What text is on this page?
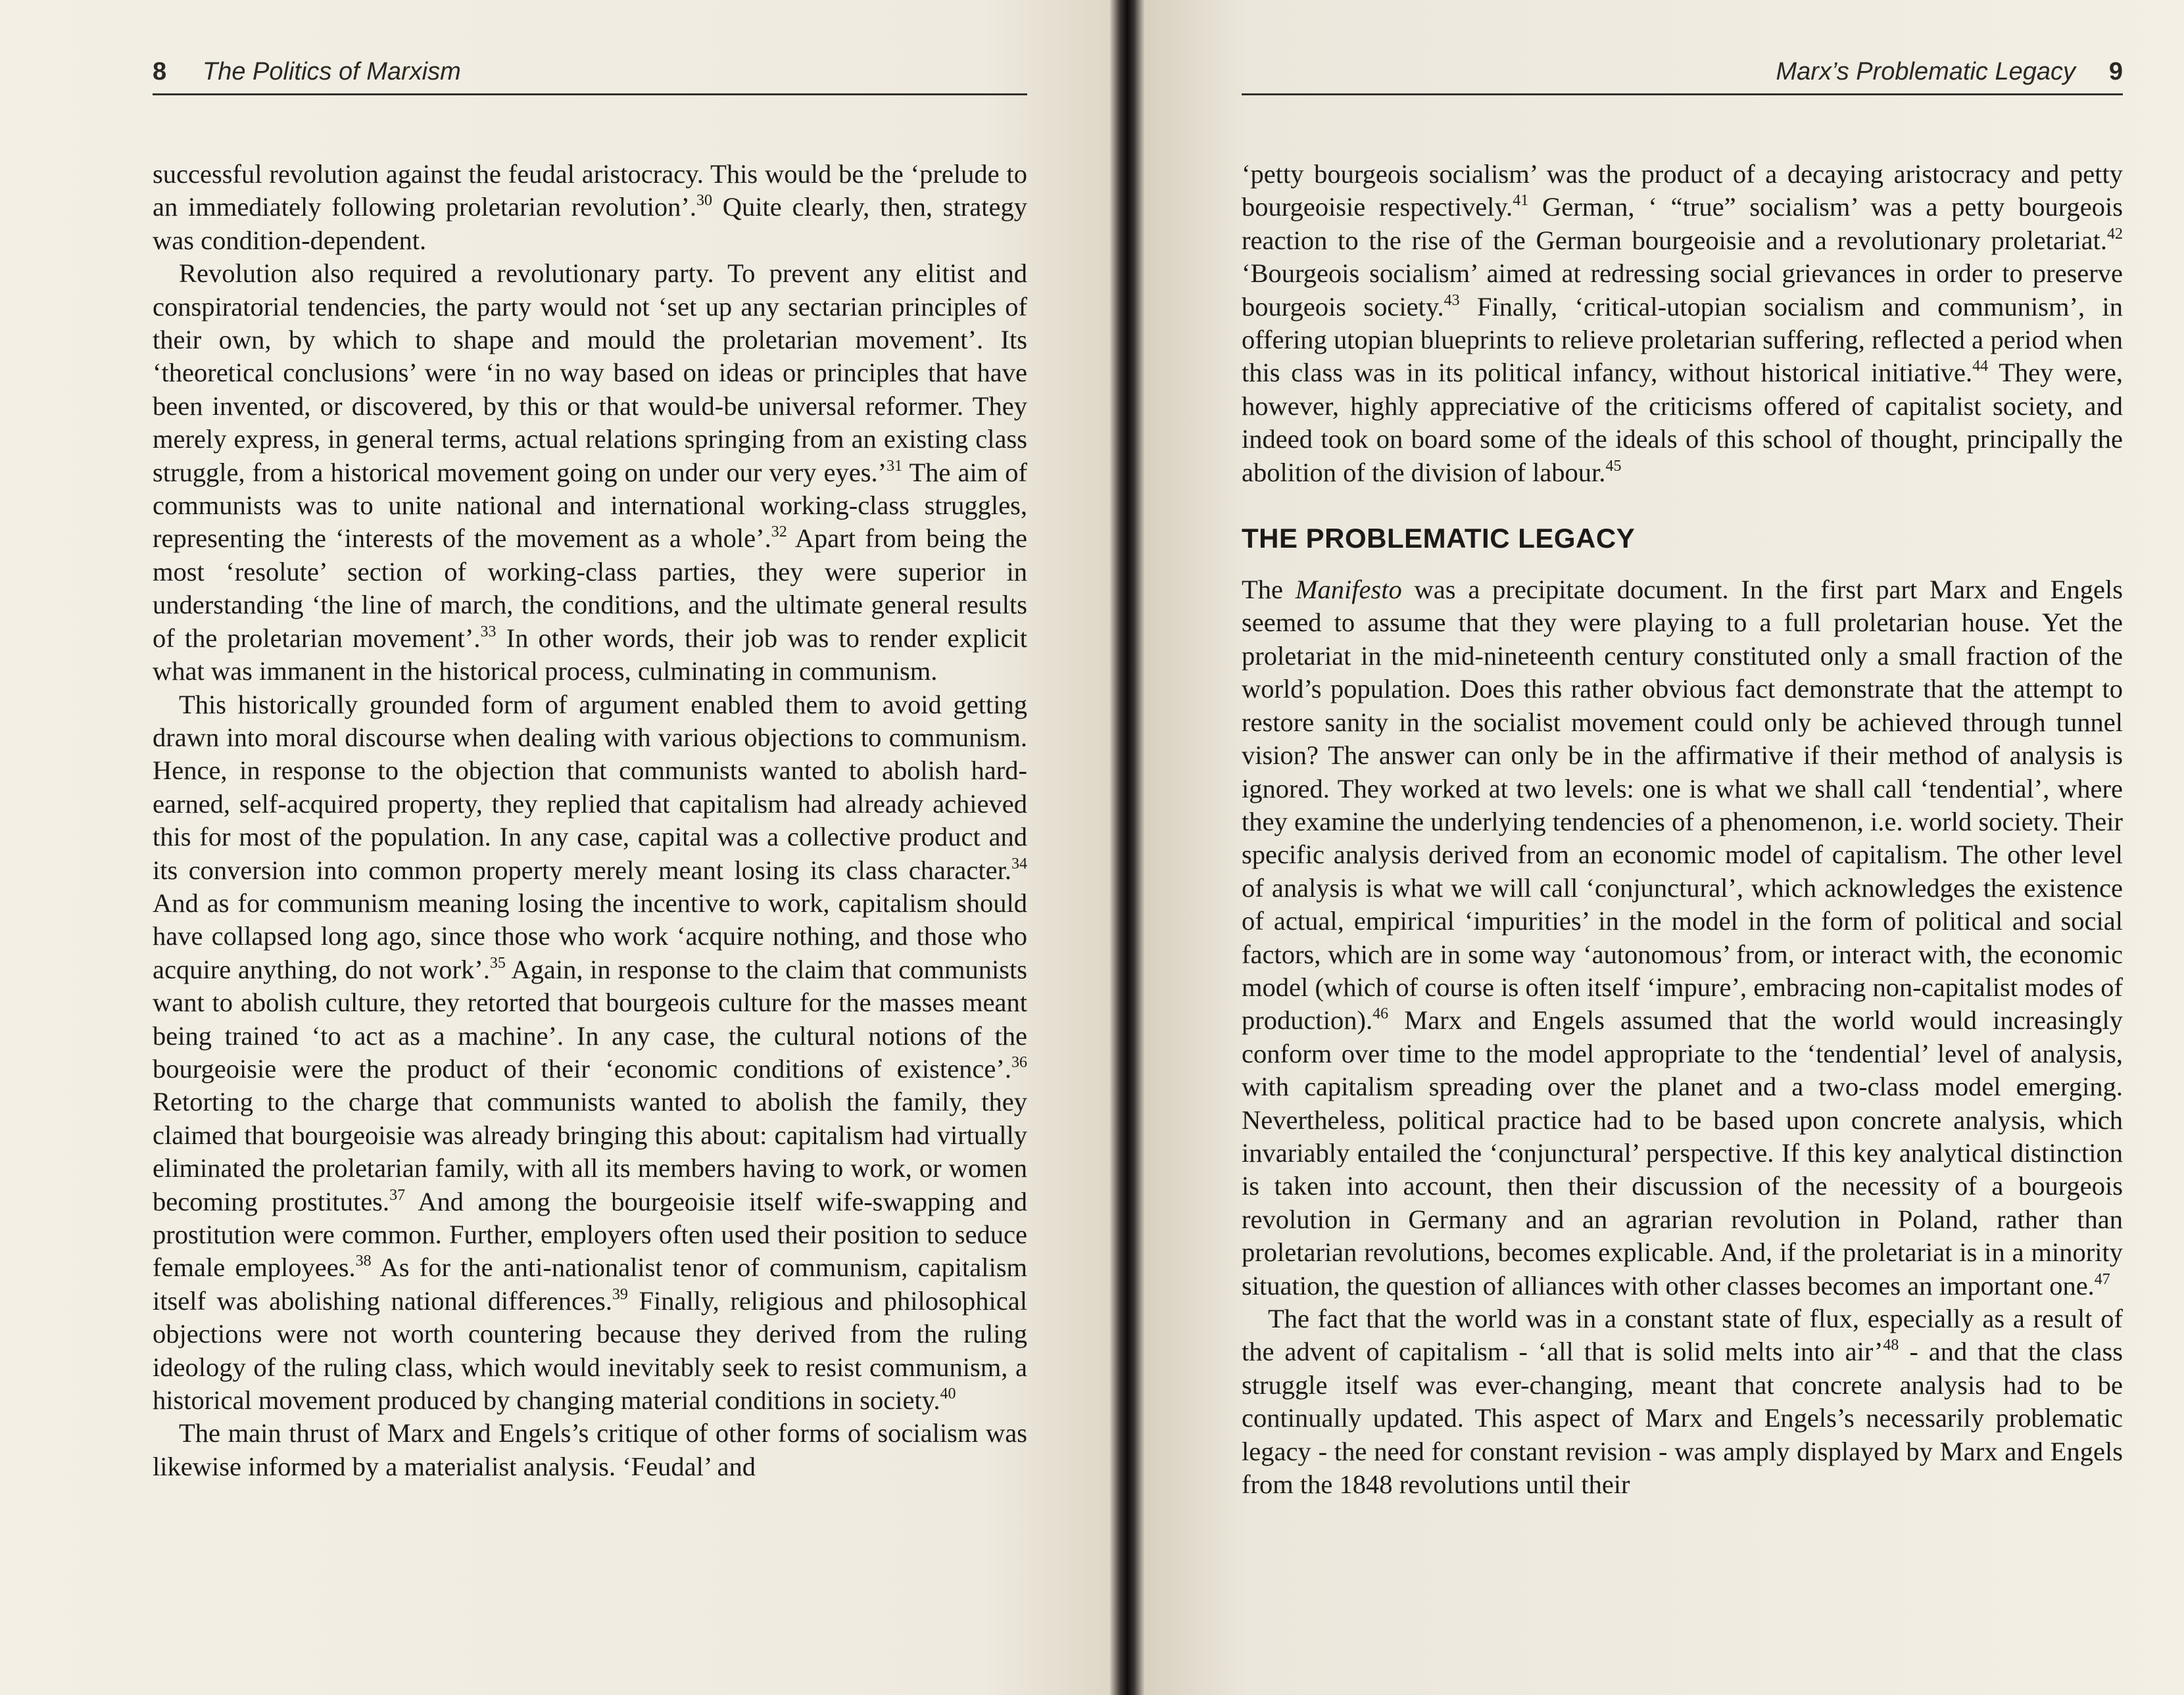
8 The Politics of Marxism

successful revolution against the feudal aristocracy. This would be the ‘prelude to an immediately following proletarian revolution’.$^{30}$ Quite clearly, then, strategy was condition-dependent.

Revolution also required a revolutionary party. To prevent any elitist and conspiratorial tendencies, the party would not ‘set up any sectarian principles of their own, by which to shape and mould the proletarian movement’. Its ‘theoretical conclusions’ were ‘in no way based on ideas or principles that have been invented, or discovered, by this or that would-be universal reformer. They merely express, in general terms, actual relations springing from an existing class struggle, from a historical movement going on under our very eyes.’$^{31}$ The aim of communists was to unite national and international working-class struggles, representing the ‘interests of the movement as a whole’.$^{32}$ Apart from being the most ‘resolute’ section of working-class parties, they were superior in understanding ‘the line of march, the conditions, and the ultimate general results of the proletarian movement’.$^{33}$ In other words, their job was to render explicit what was immanent in the historical process, culminating in communism.

This historically grounded form of argument enabled them to avoid getting drawn into moral discourse when dealing with various objections to communism. Hence, in response to the objection that communists wanted to abolish hard-earned, self-acquired property, they replied that capitalism had already achieved this for most of the population. In any case, capital was a collective product and its conversion into common property merely meant losing its class character.$^{34}$ And as for communism meaning losing the incentive to work, capitalism should have collapsed long ago, since those who work ‘acquire nothing, and those who acquire anything, do not work’.$^{35}$ Again, in response to the claim that communists want to abolish culture, they retorted that bourgeois culture for the masses meant being trained ‘to act as a machine’. In any case, the cultural notions of the bourgeoisie were the product of their ‘economic conditions of existence’.$^{36}$ Retorting to the charge that communists wanted to abolish the family, they claimed that bourgeoisie was already bringing this about: capitalism had virtually eliminated the proletarian family, with all its members having to work, or women becoming prostitutes.$^{37}$ And among the bourgeoisie itself wife-swapping and prostitution were common. Further, employers often used their position to seduce female employees.$^{38}$ As for the anti-nationalist tenor of communism, capitalism itself was abolishing national differences.$^{39}$ Finally, religious and philosophical objections were not worth countering because they derived from the ruling ideology of the ruling class, which would inevitably seek to resist communism, a historical movement produced by changing material conditions in society.$^{40}$

The main thrust of Marx and Engels’s critique of other forms of socialism was likewise informed by a materialist analysis. ‘Feudal’ and

Marx’s Problematic Legacy 9

‘petty bourgeois socialism’ was the product of a decaying aristocracy and petty bourgeoisie respectively.$^{41}$ German, ‘ “true” socialism’ was a petty bourgeois reaction to the rise of the German bourgeoisie and a revolutionary proletariat.$^{42}$ ‘Bourgeois socialism’ aimed at redressing social grievances in order to preserve bourgeois society.$^{43}$ Finally, ‘critical-utopian socialism and communism’, in offering utopian blueprints to relieve proletarian suffering, reflected a period when this class was in its political infancy, without historical initiative.$^{44}$ They were, however, highly appreciative of the criticisms offered of capitalist society, and indeed took on board some of the ideals of this school of thought, principally the abolition of the division of labour.$^{45}$

THE PROBLEMATIC LEGACY

The Manifesto was a precipitate document. In the first part Marx and Engels seemed to assume that they were playing to a full proletarian house. Yet the proletariat in the mid-nineteenth century constituted only a small fraction of the world’s population. Does this rather obvious fact demonstrate that the attempt to restore sanity in the socialist movement could only be achieved through tunnel vision? The answer can only be in the affirmative if their method of analysis is ignored. They worked at two levels: one is what we shall call ‘tendential’, where they examine the underlying tendencies of a phenomenon, i.e. world society. Their specific analysis derived from an economic model of capitalism. The other level of analysis is what we will call ‘conjunctural’, which acknowledges the existence of actual, empirical ‘impurities’ in the model in the form of political and social factors, which are in some way ‘autonomous’ from, or interact with, the economic model (which of course is often itself ‘impure’, embracing non-capitalist modes of production).$^{46}$ Marx and Engels assumed that the world would increasingly conform over time to the model appropriate to the ‘tendential’ level of analysis, with capitalism spreading over the planet and a two-class model emerging. Nevertheless, political practice had to be based upon concrete analysis, which invariably entailed the ‘conjunctural’ perspective. If this key analytical distinction is taken into account, then their discussion of the necessity of a bourgeois revolution in Germany and an agrarian revolution in Poland, rather than proletarian revolutions, becomes explicable. And, if the proletariat is in a minority situation, the question of alliances with other classes becomes an important one.$^{47}$

The fact that the world was in a constant state of flux, especially as a result of the advent of capitalism - ‘all that is solid melts into air’$^{48}$ - and that the class struggle itself was ever-changing, meant that concrete analysis had to be continually updated. This aspect of Marx and Engels’s necessarily problematic legacy - the need for constant revision - was amply displayed by Marx and Engels from the 1848 revolutions until their
